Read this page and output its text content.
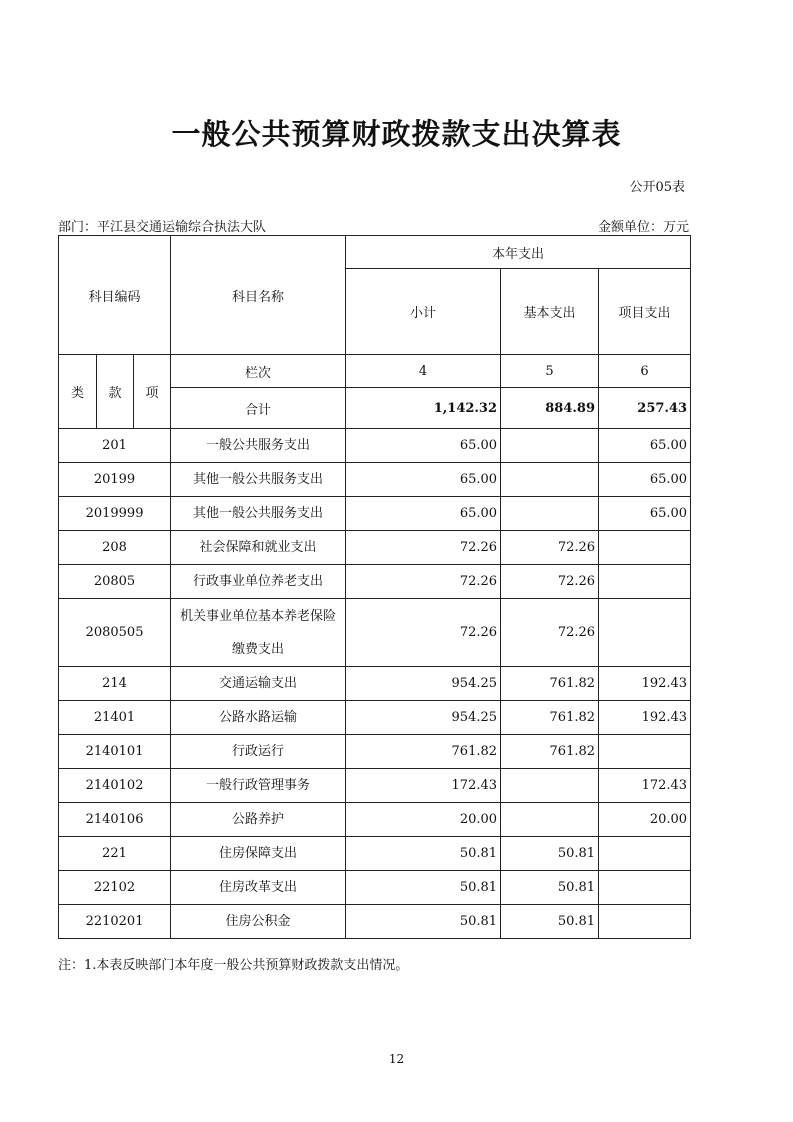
一般公共预算财政拨款支出决算表
公开05表
部门：平江县交通运输综合执法大队	金额单位：万元
科目编码			科目名称	本年支出		
				小计	基本支出	项目支出

类	款	项	栏次	4	5	6
			合计	1,142.32	884.89	257.43
201			一般公共服务支出	65.00		65.00
20199			其他一般公共服务支出	65.00		65.00
2019999			其他一般公共服务支出	65.00		65.00
208			社会保障和就业支出	72.26	72.26	
20805			行政事业单位养老支出	72.26	72.26	
2080505			机关事业单位基本养老保险缴费支出	72.26	72.26	
214			交通运输支出	954.25	761.82	192.43
21401			公路水路运输	954.25	761.82	192.43
2140101			行政运行	761.82	761.82	
2140102			一般行政管理事务	172.43		172.43
2140106			公路养护	20.00		20.00
221			住房保障支出	50.81	50.81	
22102			住房改革支出	50.81	50.81	
2210201			住房公积金	50.81	50.81	
注：1.本表反映部门本年度一般公共预算财政拨款支出情况。
12
